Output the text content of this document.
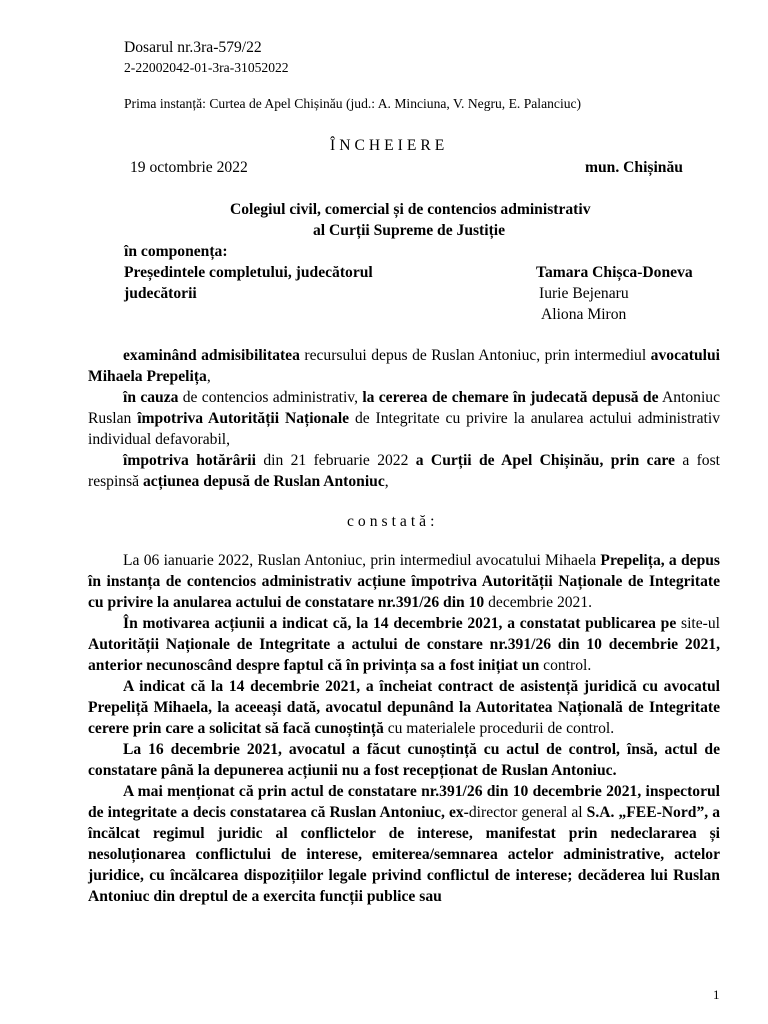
Dosarul nr.3ra-579/22
2-22002042-01-3ra-31052022
Prima instanță: Curtea de Apel Chișinău (jud.: A. Minciuna, V. Negru, E. Palanciuc)
ÎNCHEIERE
19 octombrie 2022	mun. Chișinău
Colegiul civil, comercial și de contencios administrativ
al Curții Supreme de Justiție
în componența:
Președintele completului, judecătorul	Tamara Chișca-Doneva
judecătorii	Iurie Bejenaru
Aliona Miron

examinând admisibilitatea recursului depus de Ruslan Antoniuc, prin intermediul avocatului Mihaela Prepelița,

în cauza de contencios administrativ, la cererea de chemare în judecată depusă de Antoniuc Ruslan împotriva Autorității Naționale de Integritate cu privire la anularea actului administrativ individual defavorabil,

împotriva hotărârii din 21 februarie 2022 a Curții de Apel Chișinău, prin care a fost respinsă acțiunea depusă de Ruslan Antoniuc,

constată:

La 06 ianuarie 2022, Ruslan Antoniuc, prin intermediul avocatului Mihaela Prepelița, a depus în instanța de contencios administrativ acțiune împotriva Autorității Naționale de Integritate cu privire la anularea actului de constatare nr.391/26 din 10 decembrie 2021.

În motivarea acțiunii a indicat că, la 14 decembrie 2021, a constatat publicarea pe site-ul Autorității Naționale de Integritate a actului de constare nr.391/26 din 10 decembrie 2021, anterior necunoscând despre faptul că în privința sa a fost inițiat un control.

A indicat că la 14 decembrie 2021, a încheiat contract de asistență juridică cu avocatul Prepeliță Mihaela, la aceeași dată, avocatul depunând la Autoritatea Națională de Integritate cerere prin care a solicitat să facă cunoștință cu materialele procedurii de control.

La 16 decembrie 2021, avocatul a făcut cunoștință cu actul de control, însă, actul de constatare până la depunerea acțiunii nu a fost recepționat de Ruslan Antoniuc.

A mai menționat că prin actul de constatare nr.391/26 din 10 decembrie 2021, inspectorul de integritate a decis constatarea că Ruslan Antoniuc, ex-director general al S.A. „FEE-Nord”, a încălcat regimul juridic al conflictelor de interese, manifestat prin nedeclararea și nesoluționarea conflictului de interese, emiterea/semnarea actelor administrative, actelor juridice, cu încălcarea dispozițiilor legale privind conflictul de interese; decăderea lui Ruslan Antoniuc din dreptul de a exercita funcții publice sau

1
